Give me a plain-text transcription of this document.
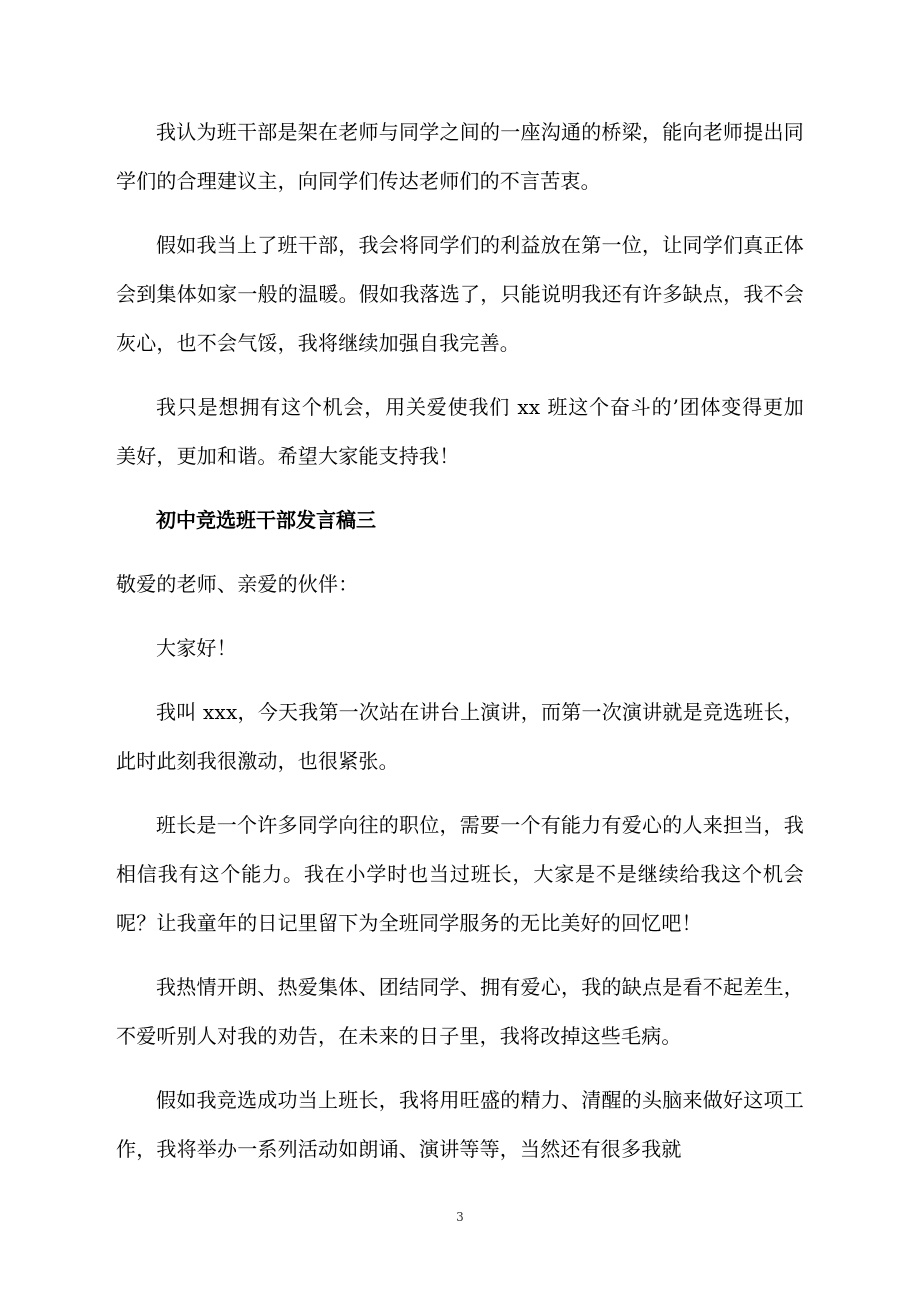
我认为班干部是架在老师与同学之间的一座沟通的桥梁，能向老师提出同学们的合理建议主，向同学们传达老师们的不言苦衷。

假如我当上了班干部，我会将同学们的利益放在第一位，让同学们真正体会到集体如家一般的温暖。假如我落选了，只能说明我还有许多缺点，我不会灰心，也不会气馁，我将继续加强自我完善。

我只是想拥有这个机会，用关爱使我们 xx 班这个奋斗的’团体变得更加美好，更加和谐。希望大家能支持我！

初中竞选班干部发言稿三

敬爱的老师、亲爱的伙伴：

大家好！

我叫 xxx，今天我第一次站在讲台上演讲，而第一次演讲就是竞选班长，此时此刻我很激动，也很紧张。

班长是一个许多同学向往的职位，需要一个有能力有爱心的人来担当，我相信我有这个能力。我在小学时也当过班长，大家是不是继续给我这个机会呢？让我童年的日记里留下为全班同学服务的无比美好的回忆吧！

我热情开朗、热爱集体、团结同学、拥有爱心，我的缺点是看不起差生，不爱听别人对我的劝告，在未来的日子里，我将改掉这些毛病。

假如我竞选成功当上班长，我将用旺盛的精力、清醒的头脑来做好这项工作，我将举办一系列活动如朗诵、演讲等等，当然还有很多我就

3
